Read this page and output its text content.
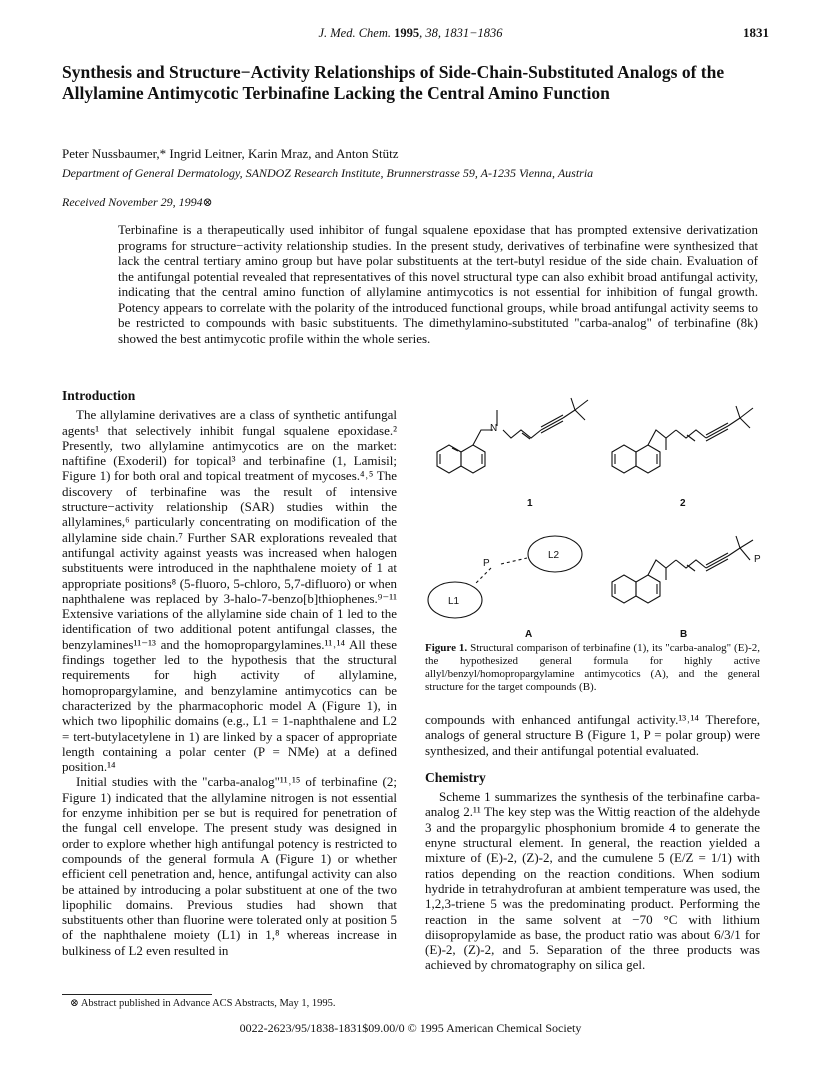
J. Med. Chem. 1995, 38, 1831−1836	1831
Synthesis and Structure−Activity Relationships of Side-Chain-Substituted Analogs of the Allylamine Antimycotic Terbinafine Lacking the Central Amino Function
Peter Nussbaumer,* Ingrid Leitner, Karin Mraz, and Anton Stütz
Department of General Dermatology, SANDOZ Research Institute, Brunnerstrasse 59, A-1235 Vienna, Austria
Received November 29, 1994⊗
Terbinafine is a therapeutically used inhibitor of fungal squalene epoxidase that has prompted extensive derivatization programs for structure−activity relationship studies. In the present study, derivatives of terbinafine were synthesized that lack the central tertiary amino group but have polar substituents at the tert-butyl residue of the side chain. Evaluation of the antifungal potential revealed that representatives of this novel structural type can also exhibit broad antifungal activity, indicating that the central amino function of allylamine antimycotics is not essential for inhibition of fungal growth. Potency appears to correlate with the polarity of the introduced functional groups, while broad antifungal activity seems to be restricted to compounds with basic substituents. The dimethylamino-substituted "carba-analog" of terbinafine (8k) showed the best antimycotic profile within the whole series.
Introduction
The allylamine derivatives are a class of synthetic antifungal agents¹ that selectively inhibit fungal squalene epoxidase.² Presently, two allylamine antimycotics are on the market: naftifine (Exoderil) for topical³ and terbinafine (1, Lamisil; Figure 1) for both oral and topical treatment of mycoses.⁴˒⁵ The discovery of terbinafine was the result of intensive structure−activity relationship (SAR) studies within the allylamines,⁶ particularly concentrating on modification of the allylamine side chain.⁷ Further SAR explorations revealed that antifungal activity against yeasts was increased when halogen substituents were introduced in the naphthalene moiety of 1 at appropriate positions⁸ (5-fluoro, 5-chloro, 5,7-difluoro) or when naphthalene was replaced by 3-halo-7-benzo[b]thiophenes.⁹⁻¹¹ Extensive variations of the allylamine side chain of 1 led to the identification of two additional potent antifungal classes, the benzylamines¹¹⁻¹³ and the homopropargylamines.¹¹˒¹⁴ All these findings together led to the hypothesis that the structural requirements for high activity of allylamine, homopropargylamine, and benzylamine antimycotics can be characterized by the pharmacophoric model A (Figure 1), in which two lipophilic domains (e.g., L1 = 1-naphthalene and L2 = tert-butylacetylene in 1) are linked by a spacer of appropriate length containing a polar center (P = NMe) at a defined position.¹⁴
Initial studies with the "carba-analog"¹¹˒¹⁵ of terbinafine (2; Figure 1) indicated that the allylamine nitrogen is not essential for enzyme inhibition per se but is required for penetration of the fungal cell envelope. The present study was designed in order to explore whether high antifungal potency is restricted to compounds of the general formula A (Figure 1) or whether efficient cell penetration and, hence, antifungal activity can also be attained by introducing a polar substituent at one of the two lipophilic domains. Previous studies had shown that substituents other than fluorine were tolerated only at position 5 of the naphthalene moiety (L1) in 1,⁸ whereas increase in bulkiness of L2 even resulted in
⊗ Abstract published in Advance ACS Abstracts, May 1, 1995.
N
1	2
P
L2
L1
P
A	B
Figure 1. Structural comparison of terbinafine (1), its "carba-analog" (E)-2, the hypothesized general formula for highly active allyl/benzyl/homopropargylamine antimycotics (A), and the general structure for the target compounds (B).
compounds with enhanced antifungal activity.¹³˒¹⁴ Therefore, analogs of general structure B (Figure 1, P = polar group) were synthesized, and their antifungal potential evaluated.
Chemistry
Scheme 1 summarizes the synthesis of the terbinafine carba-analog 2.¹¹ The key step was the Wittig reaction of the aldehyde 3 and the propargylic phosphonium bromide 4 to generate the enyne structural element. In general, the reaction yielded a mixture of (E)-2, (Z)-2, and the cumulene 5 (E/Z = 1/1) with ratios depending on the reaction conditions. When sodium hydride in tetrahydrofuran at ambient temperature was used, the 1,2,3-triene 5 was the predominating product. Performing the reaction in the same solvent at −70 °C with lithium diisopropylamide as base, the product ratio was about 6/3/1 for (E)-2, (Z)-2, and 5. Separation of the three products was achieved by chromatography on silica gel.
0022-2623/95/1838-1831$09.00/0 © 1995 American Chemical Society
